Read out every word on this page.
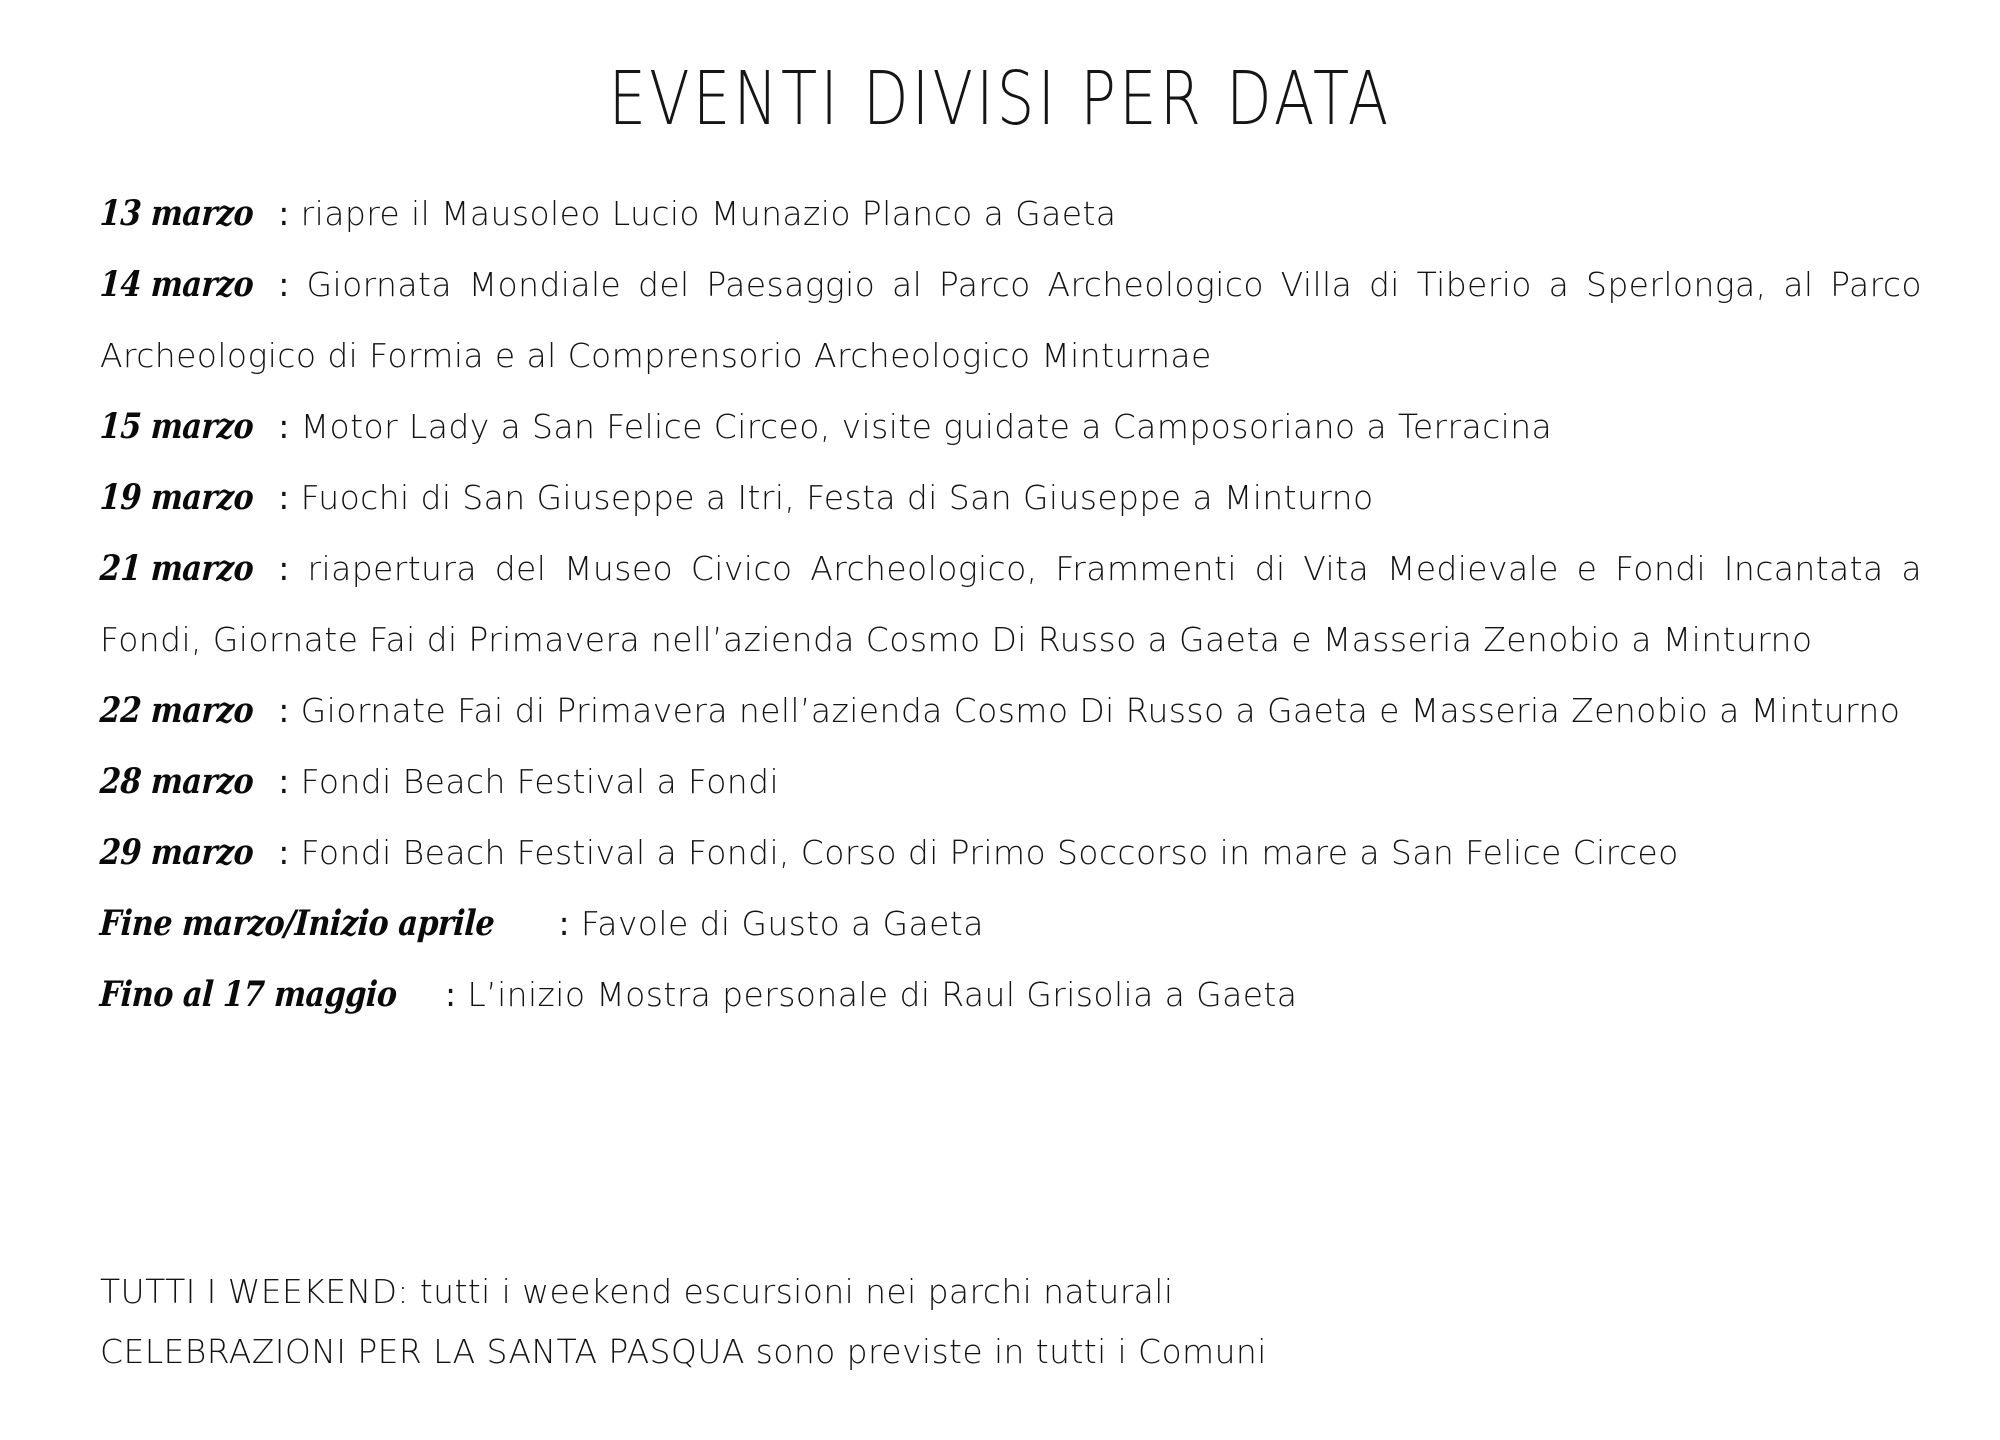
EVENTI DIVISI PER DATA

13 marzo : riapre il Mausoleo Lucio Munazio Planco a Gaeta

14 marzo : Giornata Mondiale del Paesaggio al Parco Archeologico Villa di Tiberio a Sperlonga, al Parco Archeologico di Formia e al Comprensorio Archeologico Minturnae

15 marzo : Motor Lady a San Felice Circeo, visite guidate a Camposoriano a Terracina

19 marzo : Fuochi di San Giuseppe a Itri, Festa di San Giuseppe a Minturno

21 marzo : riapertura del Museo Civico Archeologico, Frammenti di Vita Medievale e Fondi Incantata a Fondi, Giornate Fai di Primavera nell’azienda Cosmo Di Russo a Gaeta e Masseria Zenobio a Minturno

22 marzo : Giornate Fai di Primavera nell’azienda Cosmo Di Russo a Gaeta e Masseria Zenobio a Minturno

28 marzo : Fondi Beach Festival a Fondi

29 marzo : Fondi Beach Festival a Fondi, Corso di Primo Soccorso in mare a San Felice Circeo

Fine marzo/Inizio aprile : Favole di Gusto a Gaeta

Fino al 17 maggio : L’inizio Mostra personale di Raul Grisolia a Gaeta

TUTTI I WEEKEND: tutti i weekend escursioni nei parchi naturali

CELEBRAZIONI PER LA SANTA PASQUA sono previste in tutti i Comuni
